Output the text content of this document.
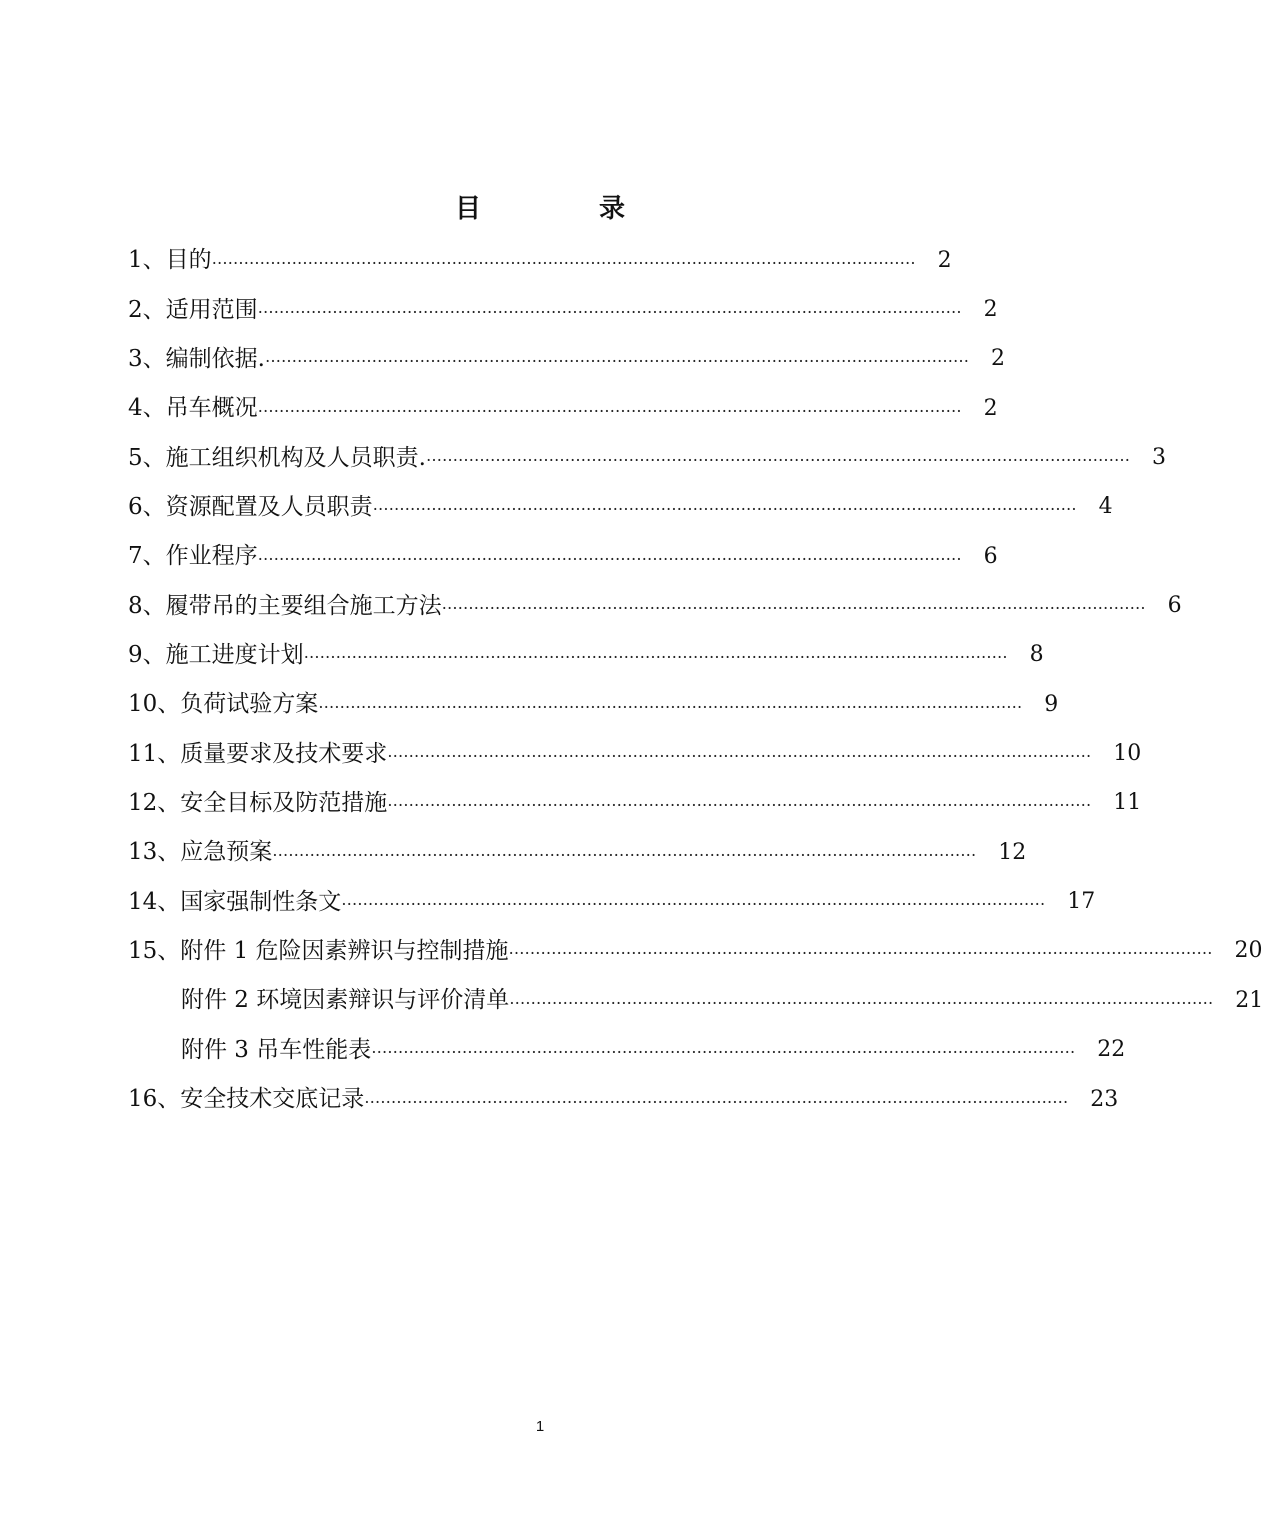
目录
1、 目的 …………………………………………………………………………………………………………………… 2
2、 适用范围 …………………………………………………………………………………………………………………… 2
3、 编制依据. …………………………………………………………………………………………………………………… 2
4、 吊车概况 …………………………………………………………………………………………………………………… 2
5、 施工组织机构及人员职责. …………………………………………………………………………………………………………………… 3
6、 资源配置及人员职责 …………………………………………………………………………………………………………………… 4
7、 作业程序 …………………………………………………………………………………………………………………… 6
8、 履带吊的主要组合施工方法 …………………………………………………………………………………………………………………… 6
9、 施工进度计划 …………………………………………………………………………………………………………………… 8
10、 负荷试验方案 …………………………………………………………………………………………………………………… 9
11、 质量要求及技术要求 …………………………………………………………………………………………………………………… 10
12、 安全目标及防范措施 …………………………………………………………………………………………………………………… 11
13、 应急预案 …………………………………………………………………………………………………………………… 12
14、 国家强制性条文 …………………………………………………………………………………………………………………… 17
15、 附件 1 危险因素辨识与控制措施 …………………………………………………………………………………………………………………… 20
附件 2 环境因素辩识与评价清单 …………………………………………………………………………………………………………………… 21
附件 3 吊车性能表 …………………………………………………………………………………………………………………… 22
16、 安全技术交底记录 …………………………………………………………………………………………………………………… 23
1
